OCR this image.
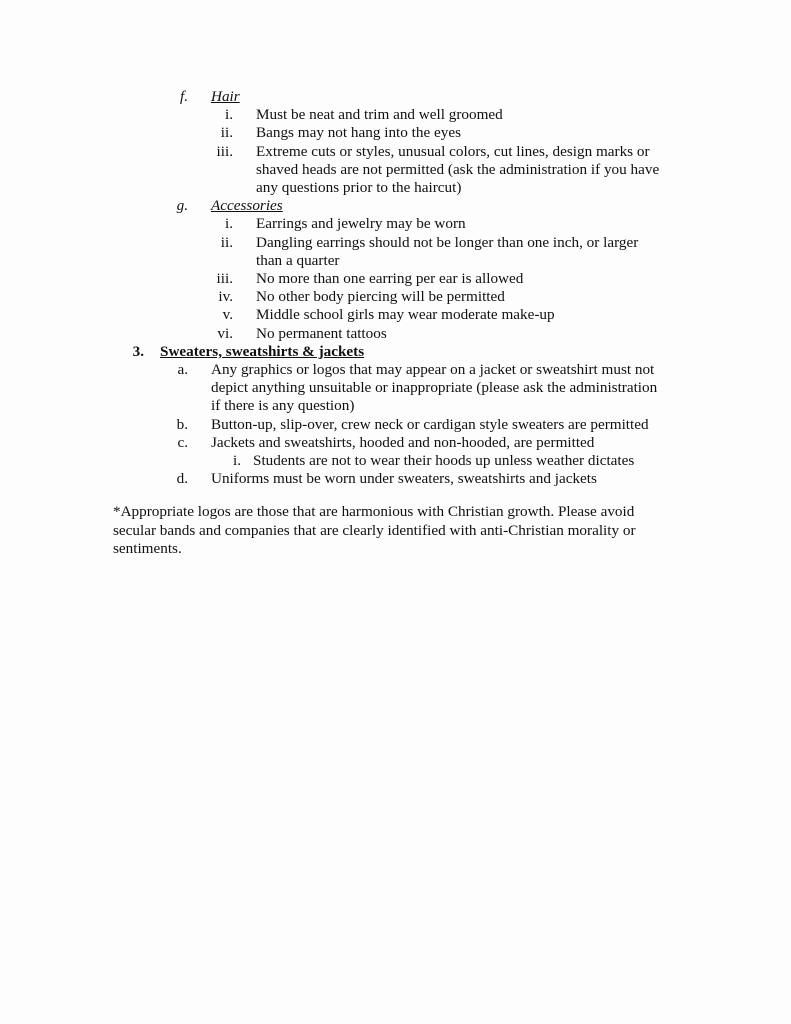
f.	Hair
i.	Must be neat and trim and well groomed
ii.	Bangs may not hang into the eyes
iii.	Extreme cuts or styles, unusual colors, cut lines, design marks or
shaved heads are not permitted (ask the administration if you have
any questions prior to the haircut)
g.	Accessories
i.	Earrings and jewelry may be worn
ii.	Dangling earrings should not be longer than one inch, or larger
than a quarter
iii.	No more than one earring per ear is allowed
iv.	No other body piercing will be permitted
v.	Middle school girls may wear moderate make-up
vi.	No permanent tattoos
3.	Sweaters, sweatshirts & jackets
a.	Any graphics or logos that may appear on a jacket or sweatshirt must not
depict anything unsuitable or inappropriate (please ask the administration
if there is any question)
b.	Button-up, slip-over, crew neck or cardigan style sweaters are permitted
c.	Jackets and sweatshirts, hooded and non-hooded, are permitted
i. Students are not to wear their hoods up unless weather dictates
d.	Uniforms must be worn under sweaters, sweatshirts and jackets
*Appropriate logos are those that are harmonious with Christian growth. Please avoid
secular bands and companies that are clearly identified with anti-Christian morality or
sentiments.
